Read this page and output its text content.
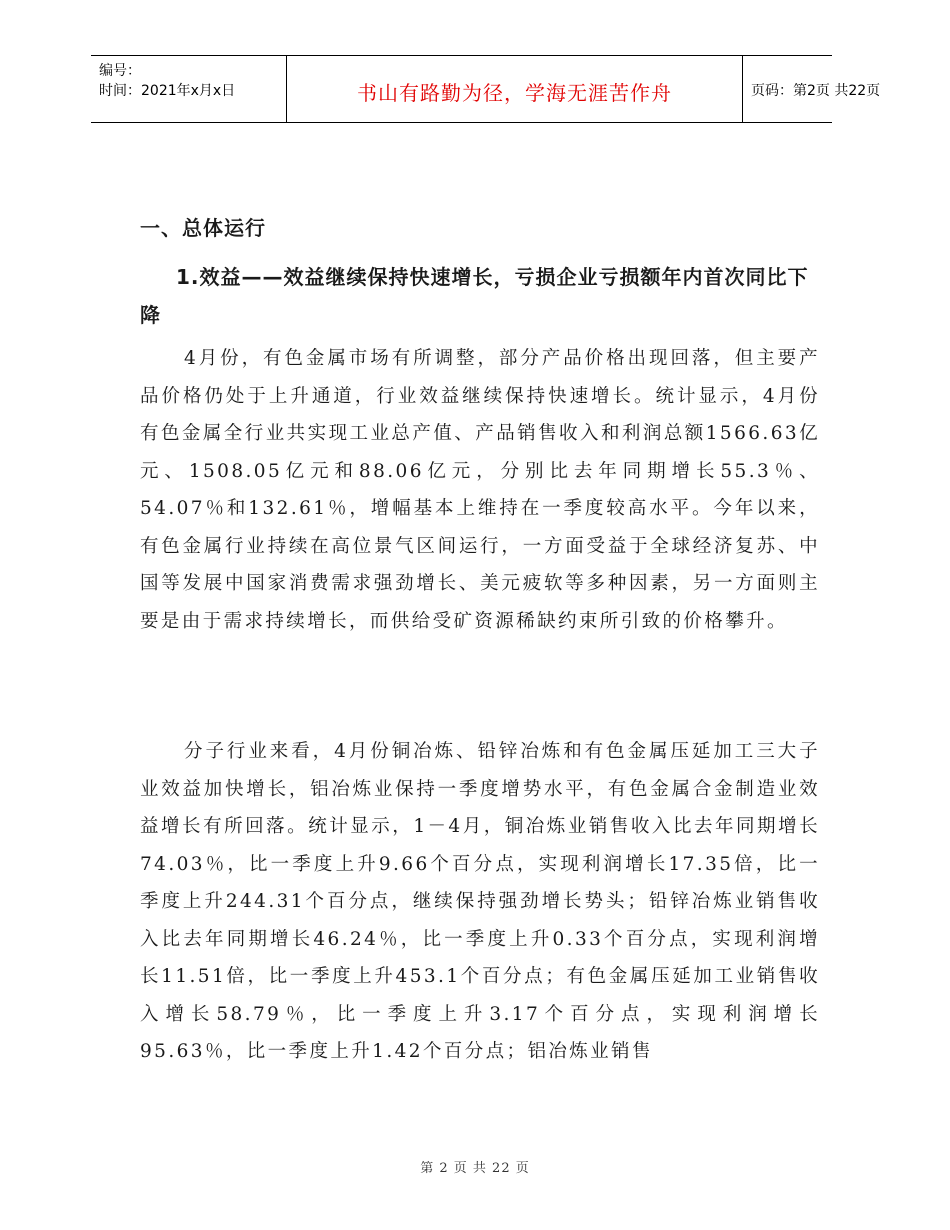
编号：
时间：2021年x月x日	书山有路勤为径，学海无涯苦作舟	页码：第2页 共22页
一、总体运行
1.效益——效益继续保持快速增长，亏损企业亏损额年内首次同比下降
4月份，有色金属市场有所调整，部分产品价格出现回落，但主要产品价格仍处于上升通道，行业效益继续保持快速增长。统计显示，4月份有色金属全行业共实现工业总产值、产品销售收入和利润总额1566.63亿元、1508.05亿元和88.06亿元，分别比去年同期增长55.3％、54.07％和132.61％，增幅基本上维持在一季度较高水平。今年以来，有色金属行业持续在高位景气区间运行，一方面受益于全球经济复苏、中国等发展中国家消费需求强劲增长、美元疲软等多种因素，另一方面则主要是由于需求持续增长，而供给受矿资源稀缺约束所引致的价格攀升。
分子行业来看，4月份铜冶炼、铅锌冶炼和有色金属压延加工三大子业效益加快增长，铝冶炼业保持一季度增势水平，有色金属合金制造业效益增长有所回落。统计显示，1－4月，铜冶炼业销售收入比去年同期增长74.03％，比一季度上升9.66个百分点，实现利润增长17.35倍，比一季度上升244.31个百分点，继续保持强劲增长势头；铅锌冶炼业销售收入比去年同期增长46.24％，比一季度上升0.33个百分点，实现利润增长11.51倍，比一季度上升453.1个百分点；有色金属压延加工业销售收入增长58.79％，比一季度上升3.17个百分点，实现利润增长95.63％，比一季度上升1.42个百分点；铝冶炼业销售
第 2 页 共 22 页
